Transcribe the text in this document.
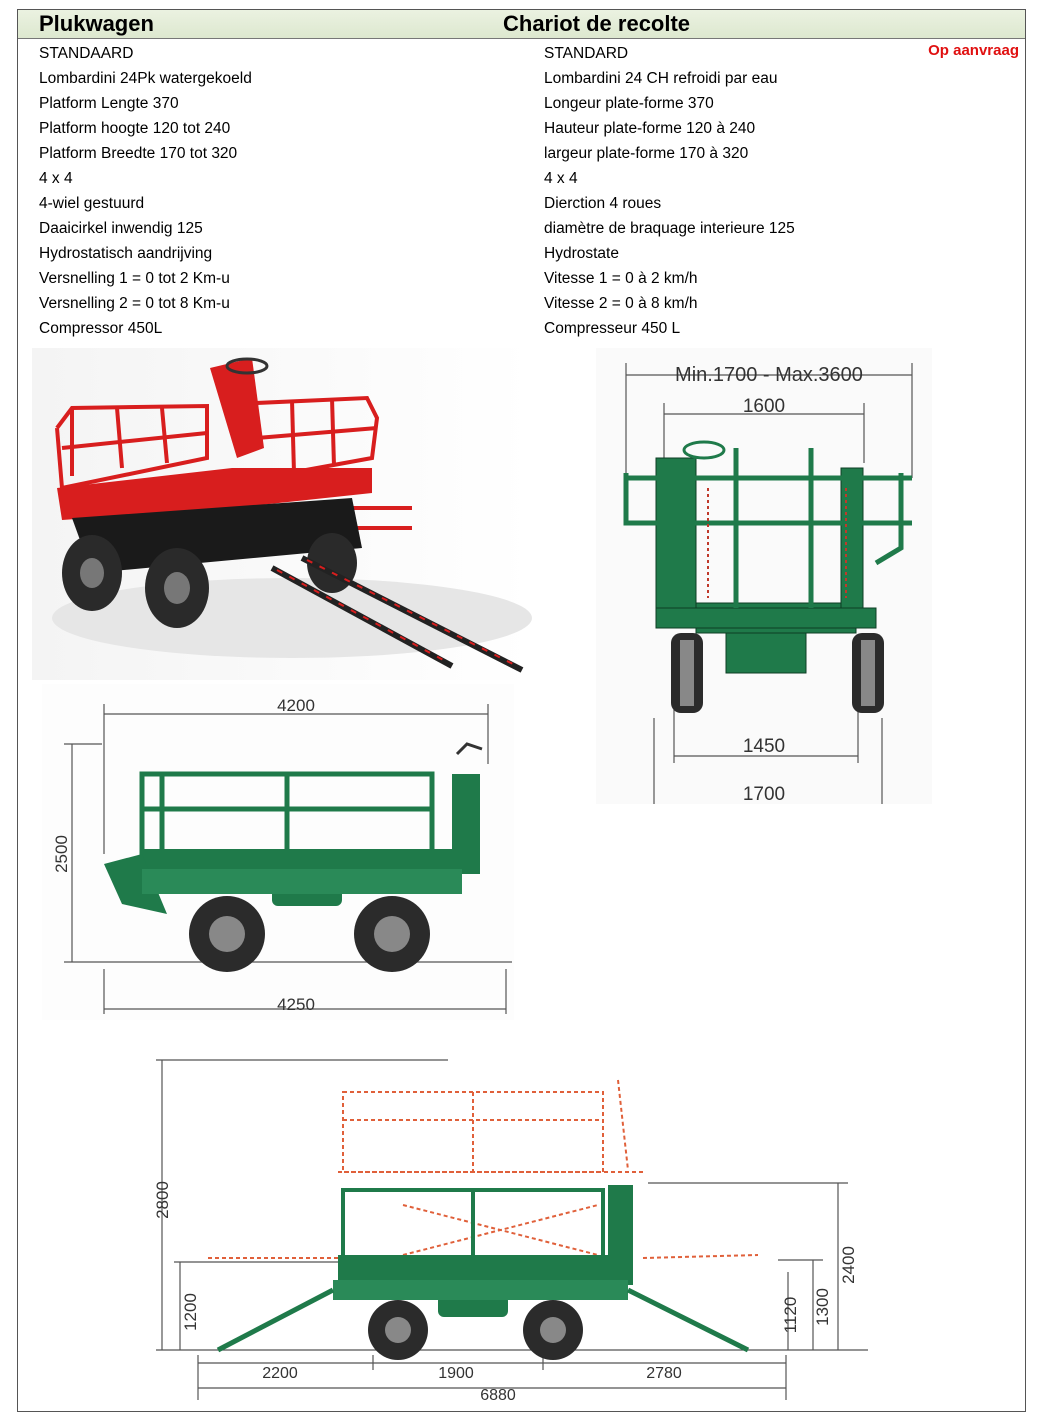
Plukwagen	Chariot de recolte
Op aanvraag
STANDAARD
Lombardini 24Pk watergekoeld
Platform Lengte 370
Platform hoogte 120 tot 240
Platform Breedte 170 tot 320
4 x 4
4-wiel gestuurd
Daaicirkel inwendig 125
Hydrostatisch aandrijving
Versnelling 1 = 0 tot 2 Km-u
Versnelling 2 = 0 tot 8 Km-u
Compressor 450L
STANDARD
Lombardini 24 CH refroidi par eau
Longeur plate-forme 370
Hauteur plate-forme 120 à 240
largeur plate-forme 170 à 320
4 x 4
Dierction 4 roues
diamètre de braquage interieure 125
Hydrostate
Vitesse 1 = 0 à 2 km/h
Vitesse 2 = 0 à 8 km/h
Compresseur 450 L
Min.1700 - Max.3600
1600
1450
1700
4200
2500
4250
2800
1200
2400
1300
1120
2200	1900	2780
6880
